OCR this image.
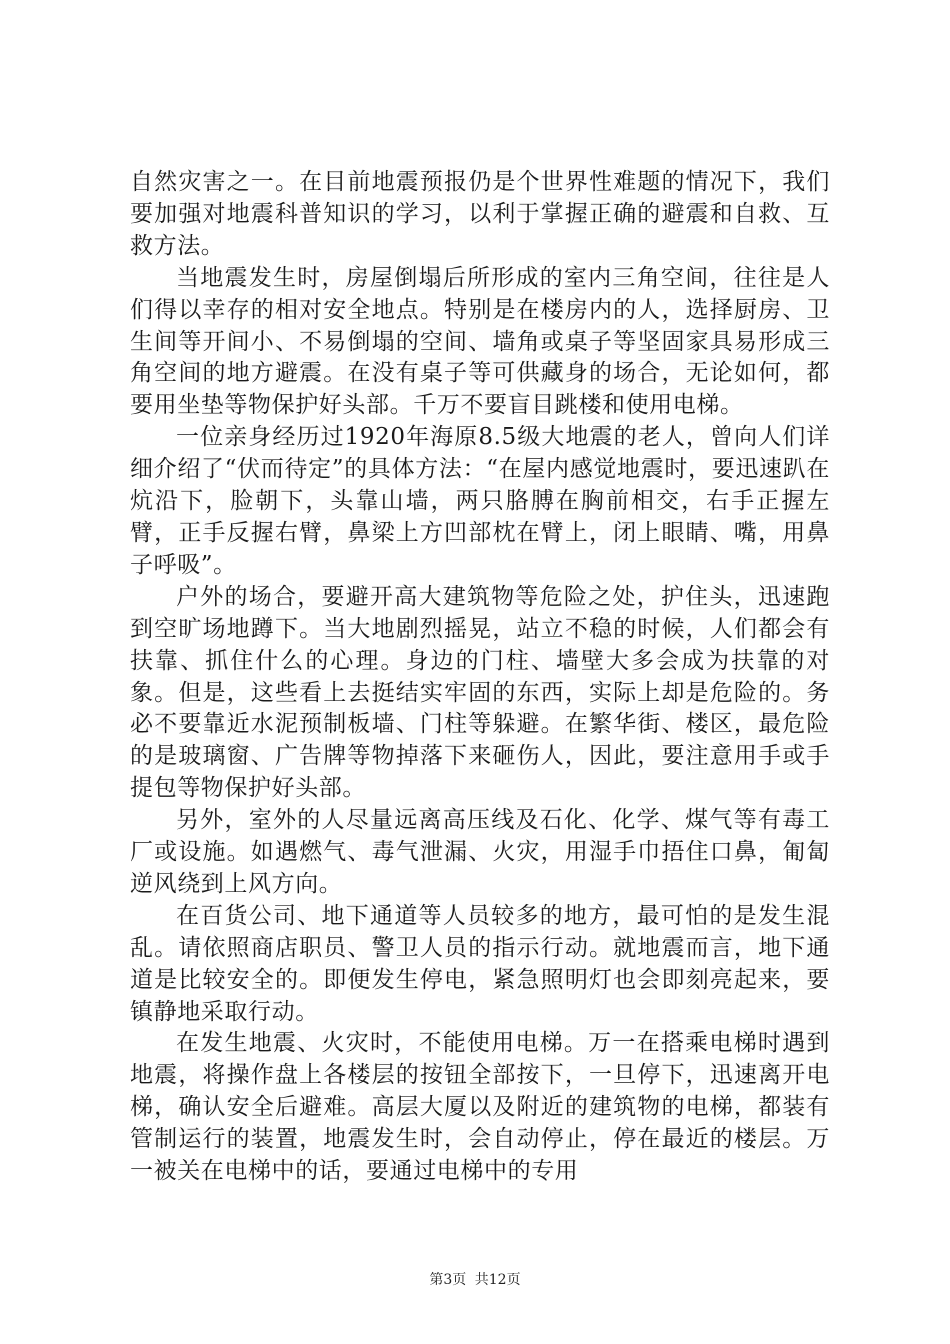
自然灾害之一。在目前地震预报仍是个世界性难题的情况下，我们要加强对地震科普知识的学习，以利于掌握正确的避震和自救、互救方法。

当地震发生时，房屋倒塌后所形成的室内三角空间，往往是人们得以幸存的相对安全地点。特别是在楼房内的人，选择厨房、卫生间等开间小、不易倒塌的空间、墙角或桌子等坚固家具易形成三角空间的地方避震。在没有桌子等可供藏身的场合，无论如何，都要用坐垫等物保护好头部。千万不要盲目跳楼和使用电梯。

一位亲身经历过1920年海原8.5级大地震的老人，曾向人们详细介绍了“伏而待定”的具体方法：“在屋内感觉地震时，要迅速趴在炕沿下，脸朝下，头靠山墙，两只胳膊在胸前相交，右手正握左臂，正手反握右臂，鼻梁上方凹部枕在臂上，闭上眼睛、嘴，用鼻子呼吸”。

户外的场合，要避开高大建筑物等危险之处，护住头，迅速跑到空旷场地蹲下。当大地剧烈摇晃，站立不稳的时候，人们都会有扶靠、抓住什么的心理。身边的门柱、墙壁大多会成为扶靠的对象。但是，这些看上去挺结实牢固的东西，实际上却是危险的。务必不要靠近水泥预制板墙、门柱等躲避。在繁华街、楼区，最危险的是玻璃窗、广告牌等物掉落下来砸伤人，因此，要注意用手或手提包等物保护好头部。

另外，室外的人尽量远离高压线及石化、化学、煤气等有毒工厂或设施。如遇燃气、毒气泄漏、火灾，用湿手巾捂住口鼻，匍匐逆风绕到上风方向。

在百货公司、地下通道等人员较多的地方，最可怕的是发生混乱。请依照商店职员、警卫人员的指示行动。就地震而言，地下通道是比较安全的。即便发生停电，紧急照明灯也会即刻亮起来，要镇静地采取行动。

在发生地震、火灾时，不能使用电梯。万一在搭乘电梯时遇到地震，将操作盘上各楼层的按钮全部按下，一旦停下，迅速离开电梯，确认安全后避难。高层大厦以及附近的建筑物的电梯，都装有管制运行的装置，地震发生时，会自动停止，停在最近的楼层。万一被关在电梯中的话，要通过电梯中的专用

第3页 共12页
